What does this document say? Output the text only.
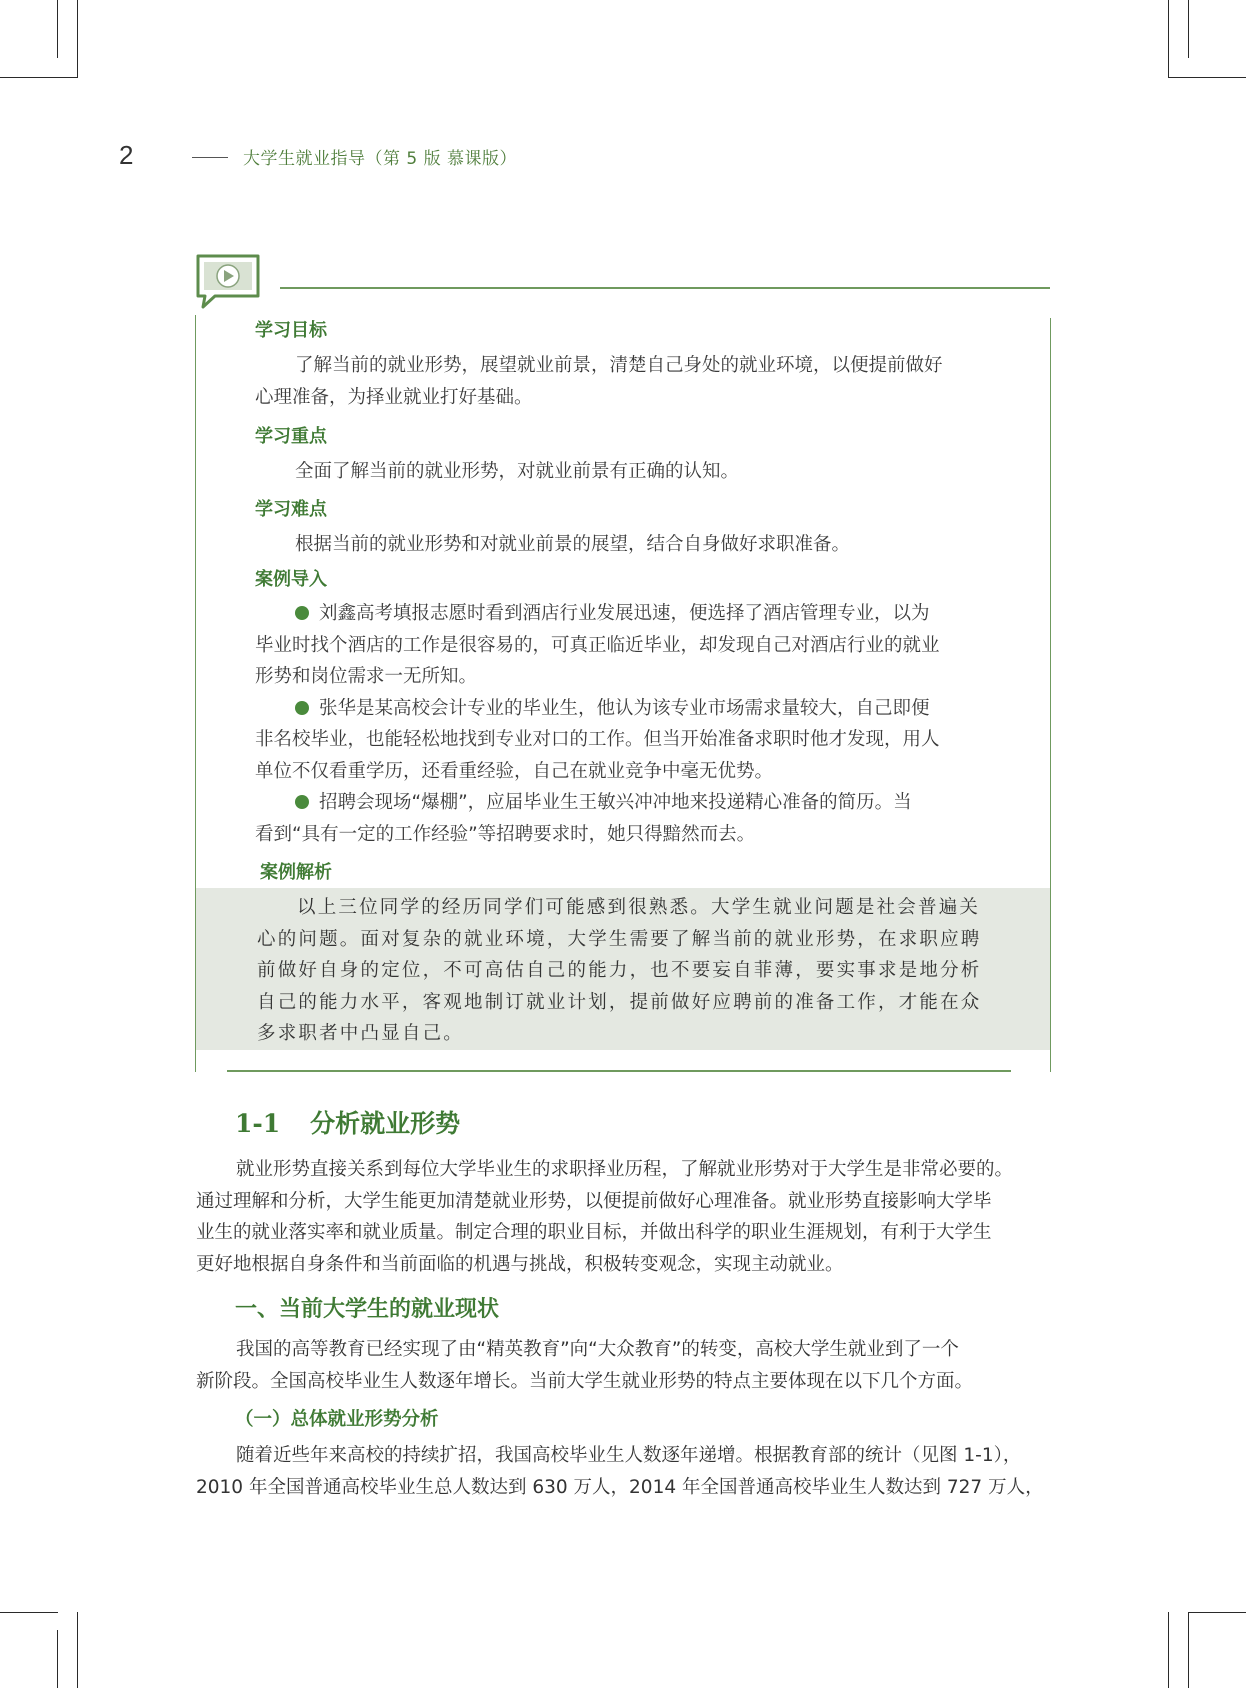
2	大学生就业指导（第 5 版 慕课版）
学习目标
了解当前的就业形势，展望就业前景，清楚自己身处的就业环境，以便提前做好
心理准备，为择业就业打好基础。
学习重点
全面了解当前的就业形势，对就业前景有正确的认知。
学习难点
根据当前的就业形势和对就业前景的展望，结合自身做好求职准备。
案例导入
刘鑫高考填报志愿时看到酒店行业发展迅速，便选择了酒店管理专业，以为
毕业时找个酒店的工作是很容易的，可真正临近毕业，却发现自己对酒店行业的就业
形势和岗位需求一无所知。
张华是某高校会计专业的毕业生，他认为该专业市场需求量较大，自己即便
非名校毕业，也能轻松地找到专业对口的工作。但当开始准备求职时他才发现，用人
单位不仅看重学历，还看重经验，自己在就业竞争中毫无优势。
招聘会现场“爆棚”，应届毕业生王敏兴冲冲地来投递精心准备的简历。当
看到“具有一定的工作经验”等招聘要求时，她只得黯然而去。
案例解析
以上三位同学的经历同学们可能感到很熟悉。大学生就业问题是社会普遍关
心的问题。面对复杂的就业环境，大学生需要了解当前的就业形势，在求职应聘
前做好自身的定位，不可高估自己的能力，也不要妄自菲薄，要实事求是地分析
自己的能力水平，客观地制订就业计划，提前做好应聘前的准备工作，才能在众
多求职者中凸显自己。
1-1 分析就业形势
就业形势直接关系到每位大学毕业生的求职择业历程，了解就业形势对于大学生是非常必要的。
通过理解和分析，大学生能更加清楚就业形势，以便提前做好心理准备。就业形势直接影响大学毕
业生的就业落实率和就业质量。制定合理的职业目标，并做出科学的职业生涯规划，有利于大学生
更好地根据自身条件和当前面临的机遇与挑战，积极转变观念，实现主动就业。
一、当前大学生的就业现状
我国的高等教育已经实现了由“精英教育”向“大众教育”的转变，高校大学生就业到了一个
新阶段。全国高校毕业生人数逐年增长。当前大学生就业形势的特点主要体现在以下几个方面。
（一）总体就业形势分析
随着近些年来高校的持续扩招，我国高校毕业生人数逐年递增。根据教育部的统计（见图 1-1），
2010 年全国普通高校毕业生总人数达到 630 万人，2014 年全国普通高校毕业生人数达到 727 万人，
